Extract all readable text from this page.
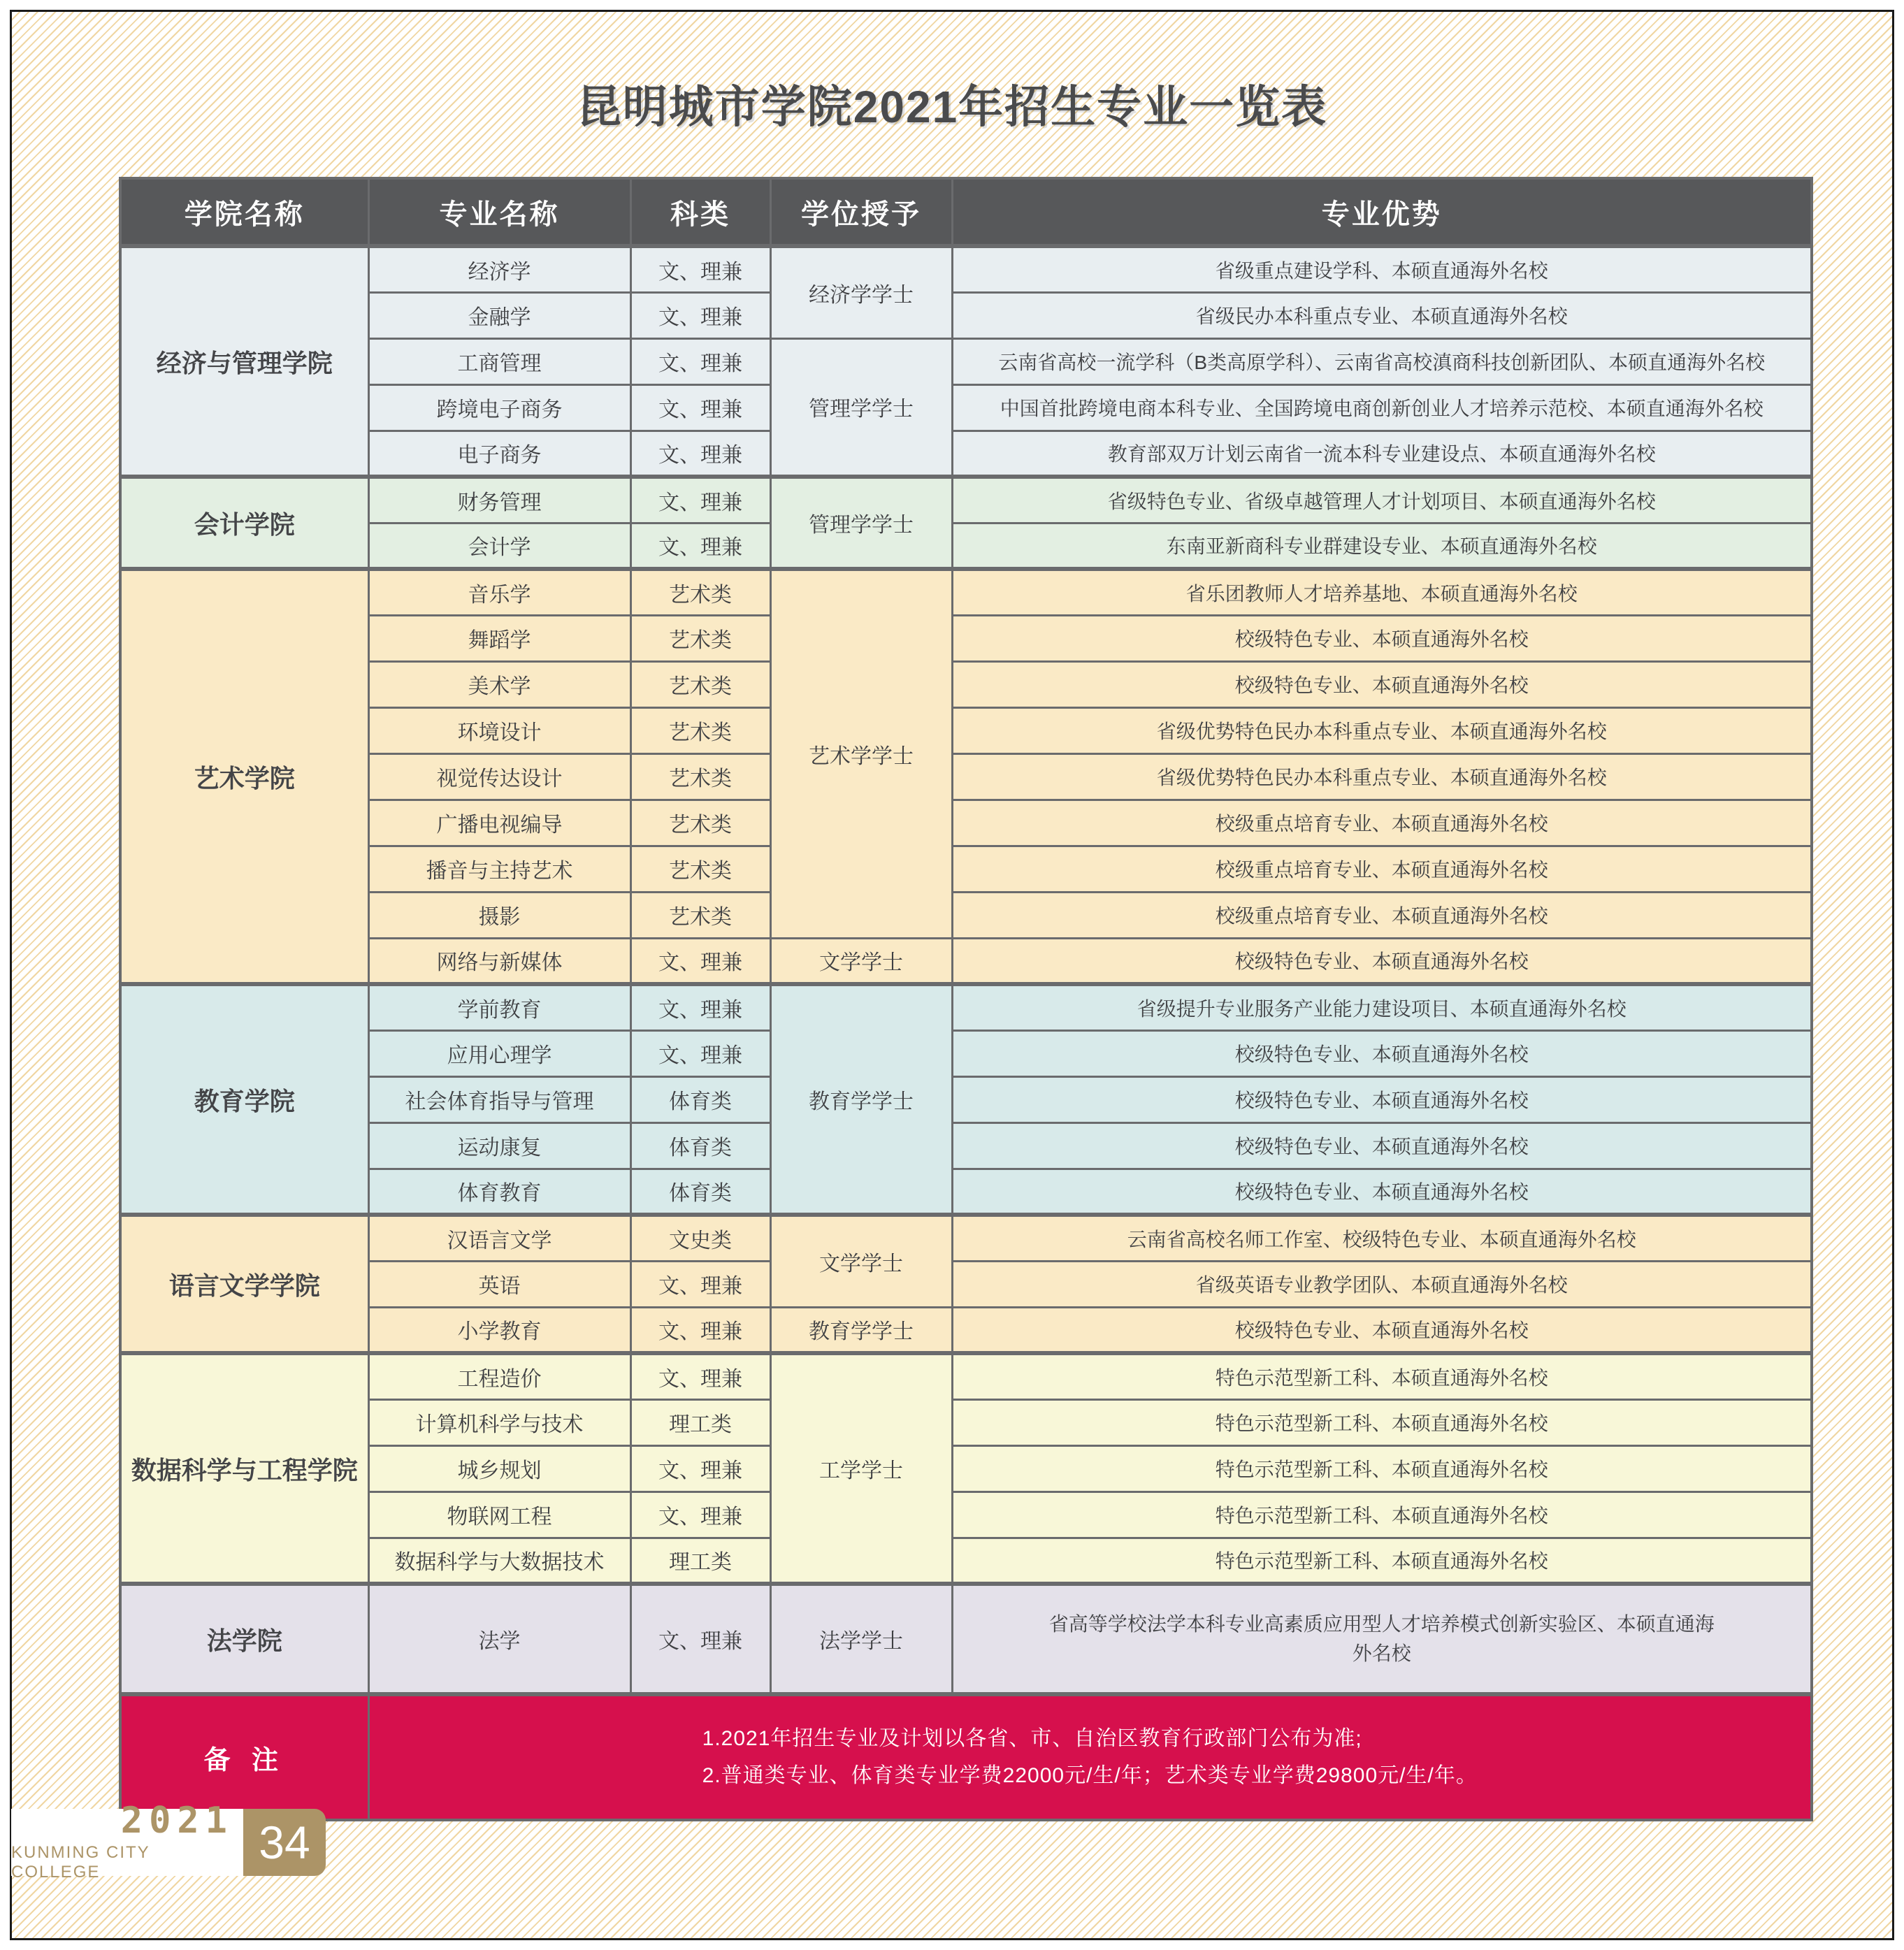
昆明城市学院2021年招生专业一览表
学院名称	专业名称	科类	学位授予	专业优势
经济与管理学院	经济学	文、理兼	经济学学士	省级重点建设学科、本硕直通海外名校
	金融学	文、理兼		省级民办本科重点专业、本硕直通海外名校
	工商管理	文、理兼	管理学学士	云南省高校一流学科（B类高原学科）、云南省高校滇商科技创新团队、本硕直通海外名校
	跨境电子商务	文、理兼		中国首批跨境电商本科专业、全国跨境电商创新创业人才培养示范校、本硕直通海外名校
	电子商务	文、理兼		教育部双万计划云南省一流本科专业建设点、本硕直通海外名校
会计学院	财务管理	文、理兼	管理学学士	省级特色专业、省级卓越管理人才计划项目、本硕直通海外名校
	会计学	文、理兼		东南亚新商科专业群建设专业、本硕直通海外名校
艺术学院	音乐学	艺术类	艺术学学士	省乐团教师人才培养基地、本硕直通海外名校
	舞蹈学	艺术类		校级特色专业、本硕直通海外名校
	美术学	艺术类		校级特色专业、本硕直通海外名校
	环境设计	艺术类		省级优势特色民办本科重点专业、本硕直通海外名校
	视觉传达设计	艺术类		省级优势特色民办本科重点专业、本硕直通海外名校
	广播电视编导	艺术类		校级重点培育专业、本硕直通海外名校
	播音与主持艺术	艺术类		校级重点培育专业、本硕直通海外名校
	摄影	艺术类		校级重点培育专业、本硕直通海外名校
	网络与新媒体	文、理兼	文学学士	校级特色专业、本硕直通海外名校
教育学院	学前教育	文、理兼	教育学学士	省级提升专业服务产业能力建设项目、本硕直通海外名校
	应用心理学	文、理兼		校级特色专业、本硕直通海外名校
	社会体育指导与管理	体育类		校级特色专业、本硕直通海外名校
	运动康复	体育类		校级特色专业、本硕直通海外名校
	体育教育	体育类		校级特色专业、本硕直通海外名校
语言文学学院	汉语言文学	文史类	文学学士	云南省高校名师工作室、校级特色专业、本硕直通海外名校
	英语	文、理兼		省级英语专业教学团队、本硕直通海外名校
	小学教育	文、理兼	教育学学士	校级特色专业、本硕直通海外名校
数据科学与工程学院	工程造价	文、理兼	工学学士	特色示范型新工科、本硕直通海外名校
	计算机科学与技术	理工类		特色示范型新工科、本硕直通海外名校
	城乡规划	文、理兼		特色示范型新工科、本硕直通海外名校
	物联网工程	文、理兼		特色示范型新工科、本硕直通海外名校
	数据科学与大数据技术	理工类		特色示范型新工科、本硕直通海外名校
法学院	法学	文、理兼	法学学士	省高等学校法学本科专业高素质应用型人才培养模式创新实验区、本硕直通海外名校
备 注	1.2021年招生专业及计划以各省、市、自治区教育行政部门公布为准;
2.普通类专业、体育类专业学费22000元/生/年；艺术类专业学费29800元/生/年。			
2021
KUNMING CITY COLLEGE
34
